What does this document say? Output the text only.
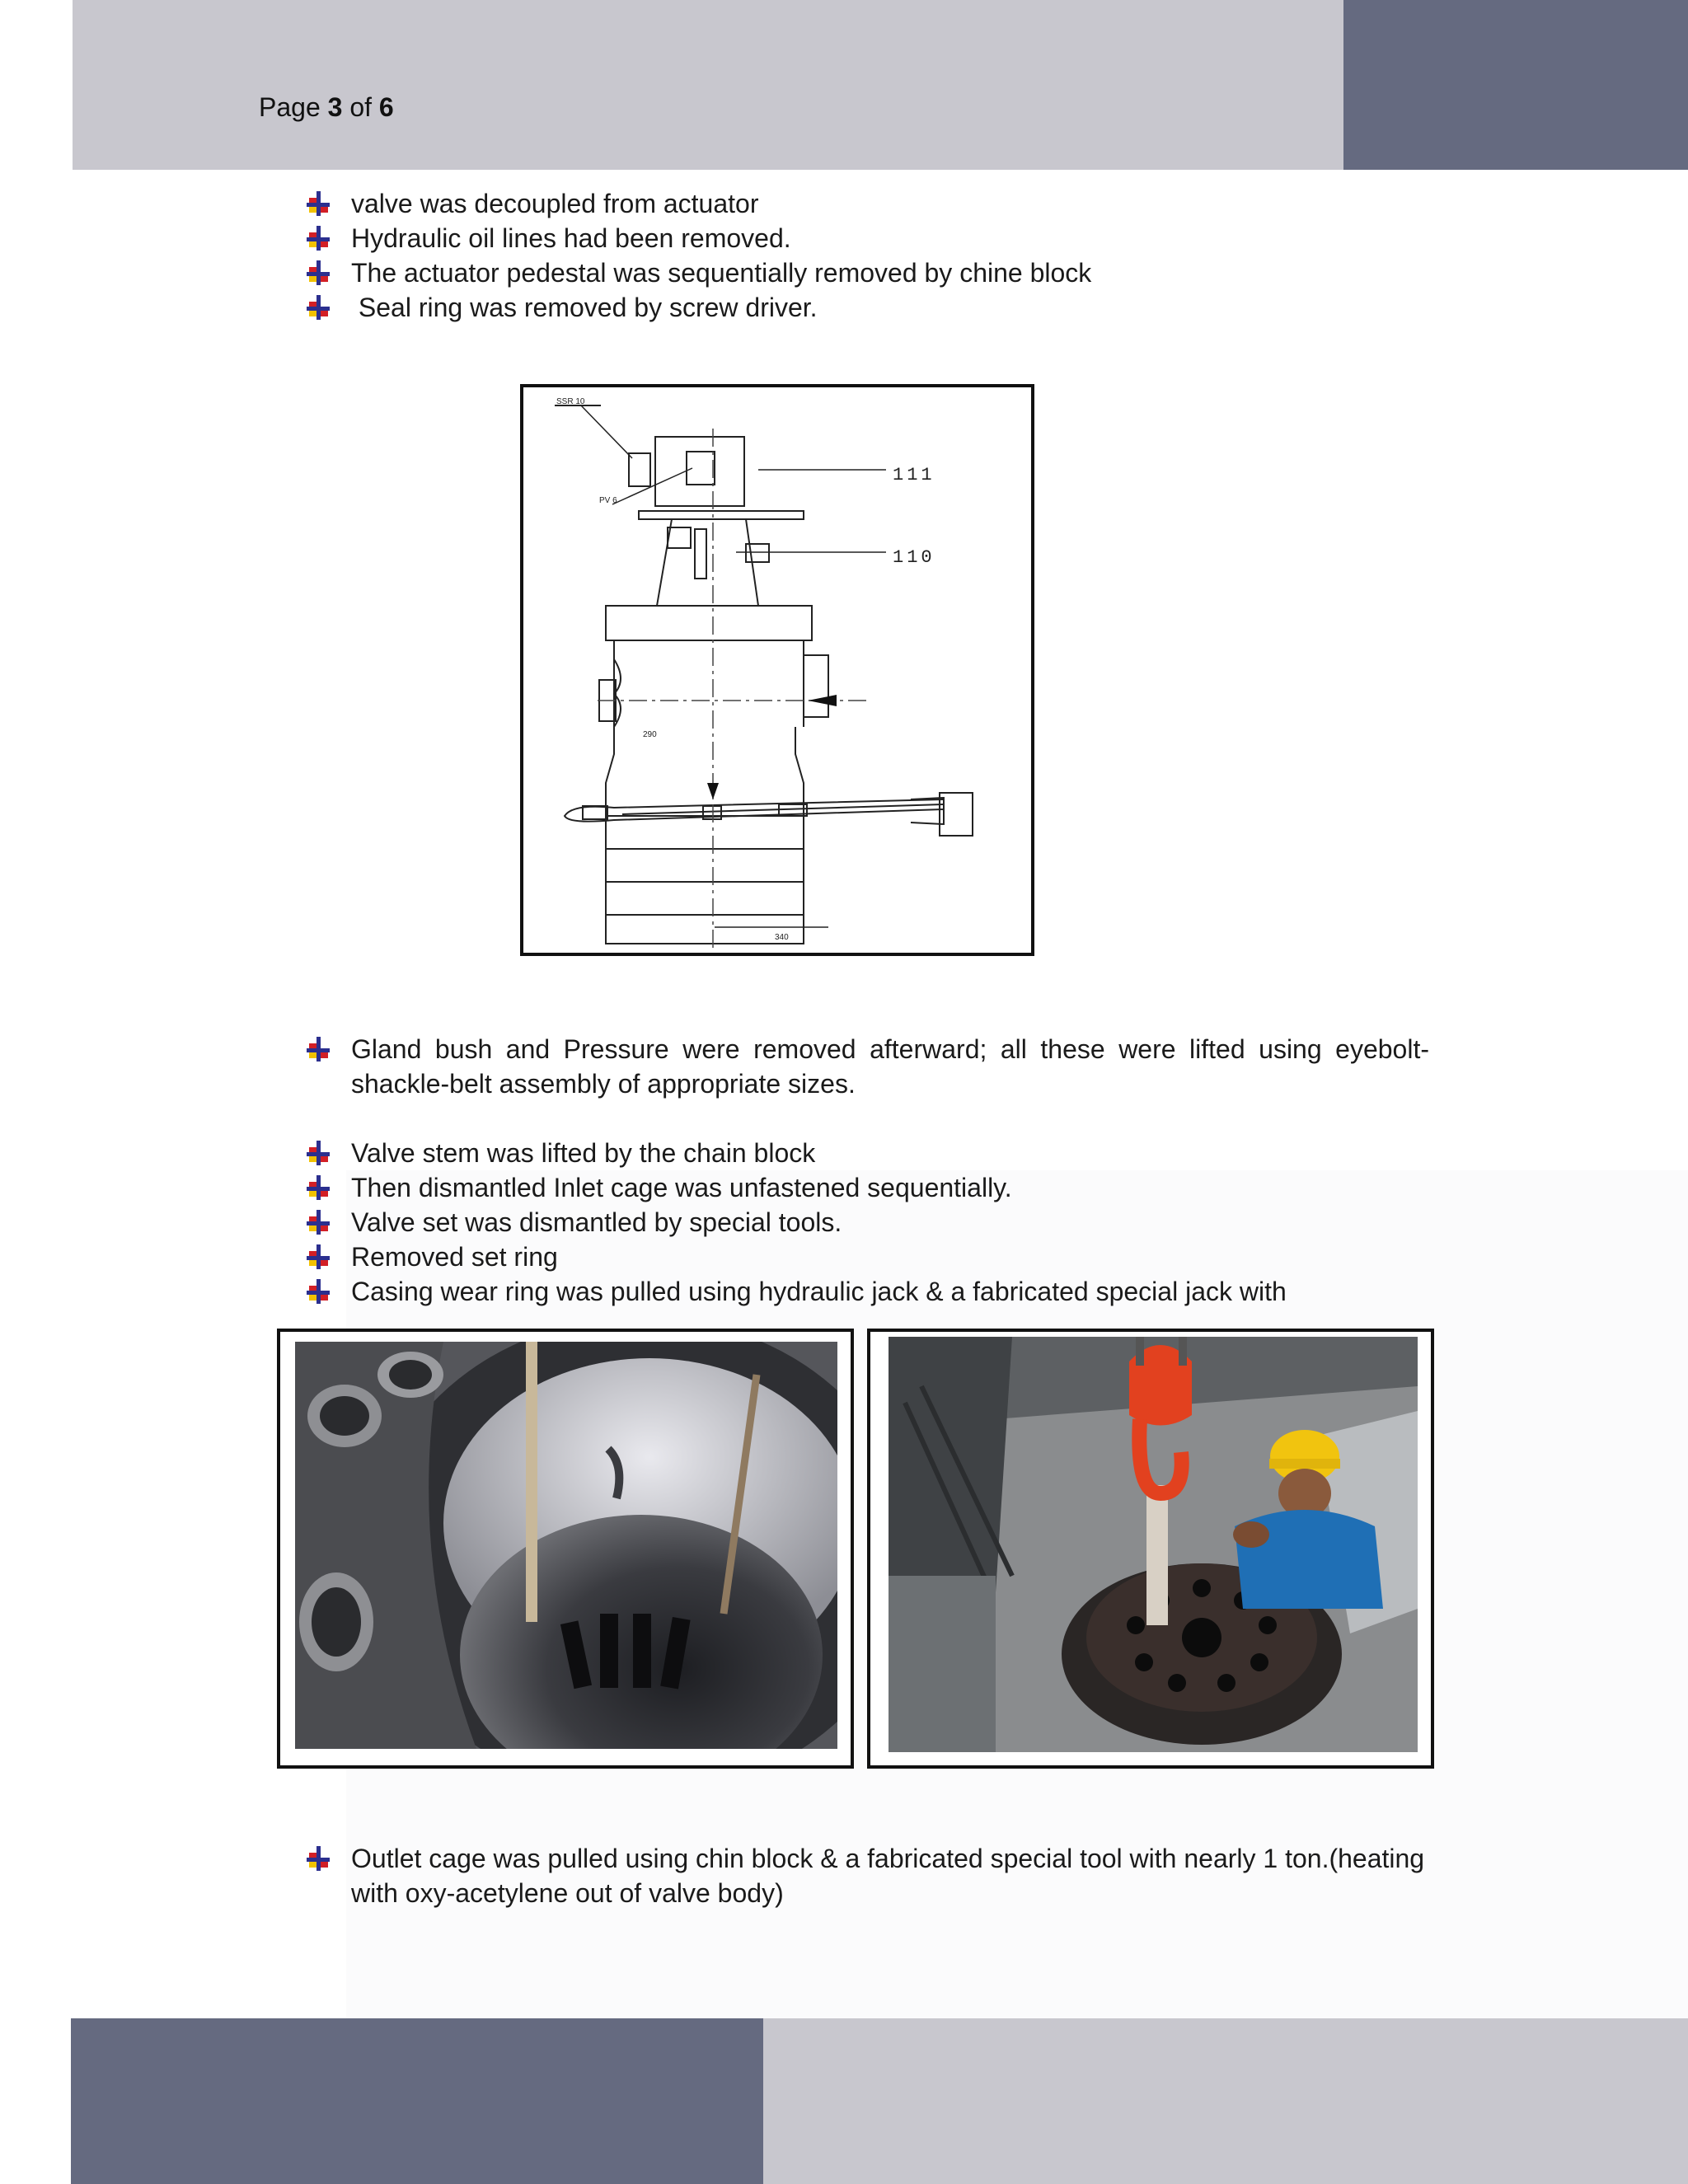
Page 3 of 6
valve was decoupled from actuator
Hydraulic oil lines had been removed.
The actuator pedestal was sequentially removed by chine block
Seal ring was removed by screw driver.
SSR 10
PV 6
111
110
290
340
Gland bush and Pressure were removed afterward; all these were lifted using eyebolt-shackle-belt assembly of appropriate sizes.
Valve stem was lifted by the chain block
Then dismantled Inlet cage was unfastened sequentially.
Valve set was dismantled by special tools.
Removed set ring
Casing wear ring was pulled using hydraulic jack & a fabricated special jack with
Outlet cage was pulled using chin block & a fabricated special tool with nearly 1 ton.(heating with oxy-acetylene out of valve body)
